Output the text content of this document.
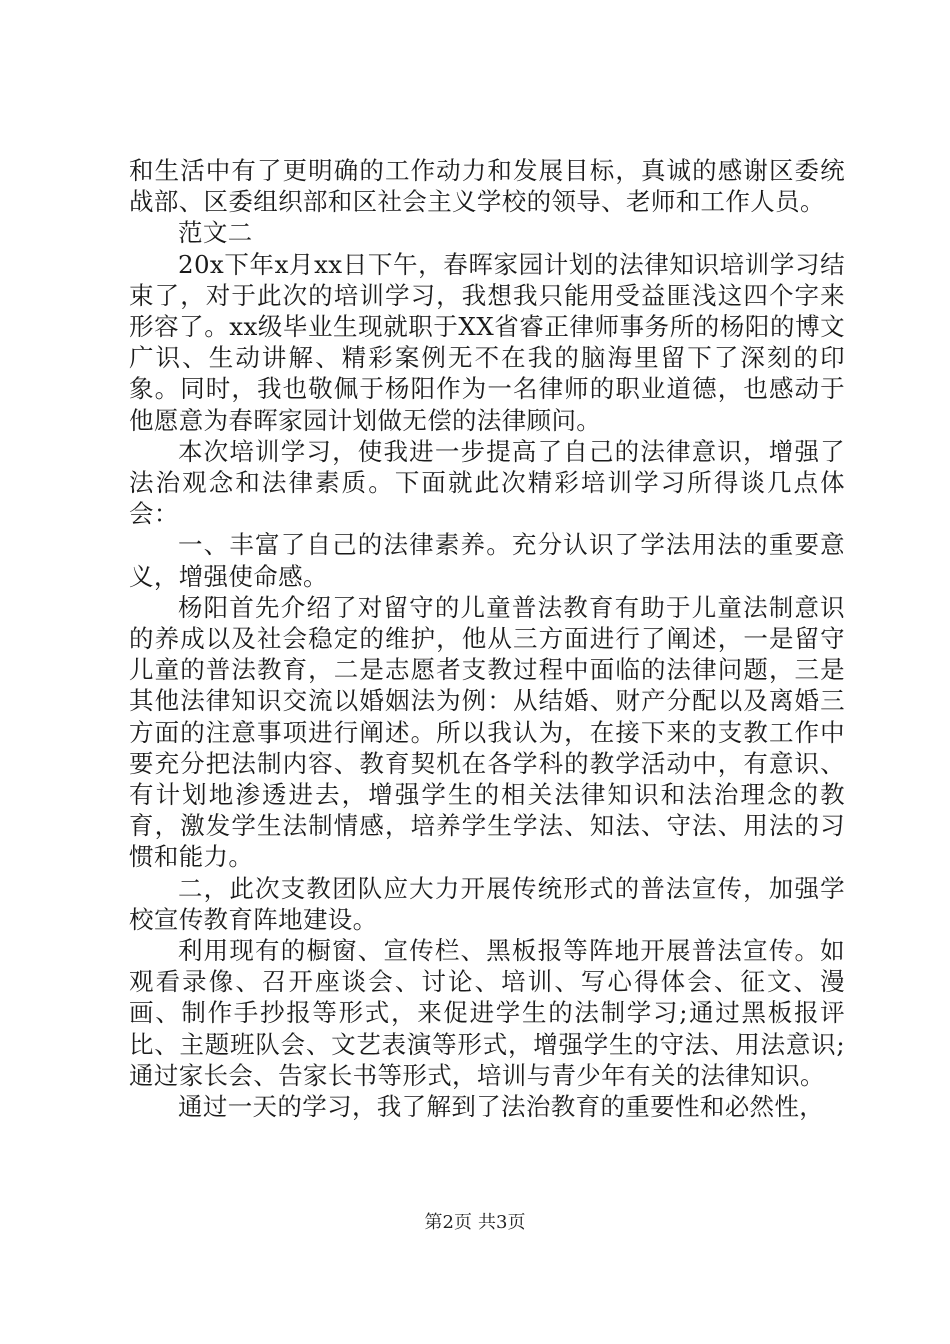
和生活中有了更明确的工作动力和发展目标，真诚的感谢区委统战部、区委组织部和区社会主义学校的领导、老师和工作人员。

范文二

20x下年x月xx日下午，春晖家园计划的法律知识培训学习结束了，对于此次的培训学习，我想我只能用受益匪浅这四个字来形容了。xx级毕业生现就职于XX省睿正律师事务所的杨阳的博文广识、生动讲解、精彩案例无不在我的脑海里留下了深刻的印象。同时，我也敬佩于杨阳作为一名律师的职业道德，也感动于他愿意为春晖家园计划做无偿的法律顾问。

本次培训学习，使我进一步提高了自己的法律意识，增强了法治观念和法律素质。下面就此次精彩培训学习所得谈几点体会：

一、丰富了自己的法律素养。充分认识了学法用法的重要意义，增强使命感。

杨阳首先介绍了对留守的儿童普法教育有助于儿童法制意识的养成以及社会稳定的维护，他从三方面进行了阐述，一是留守儿童的普法教育，二是志愿者支教过程中面临的法律问题，三是其他法律知识交流以婚姻法为例：从结婚、财产分配以及离婚三方面的注意事项进行阐述。所以我认为，在接下来的支教工作中要充分把法制内容、教育契机在各学科的教学活动中，有意识、有计划地渗透进去，增强学生的相关法律知识和法治理念的教育，激发学生法制情感，培养学生学法、知法、守法、用法的习惯和能力。

二，此次支教团队应大力开展传统形式的普法宣传，加强学校宣传教育阵地建设。

利用现有的橱窗、宣传栏、黑板报等阵地开展普法宣传。如观看录像、召开座谈会、讨论、培训、写心得体会、征文、漫画、制作手抄报等形式，来促进学生的法制学习;通过黑板报评比、主题班队会、文艺表演等形式，增强学生的守法、用法意识;通过家长会、告家长书等形式，培训与青少年有关的法律知识。

通过一天的学习，我了解到了法治教育的重要性和必然性，

第2页 共3页
